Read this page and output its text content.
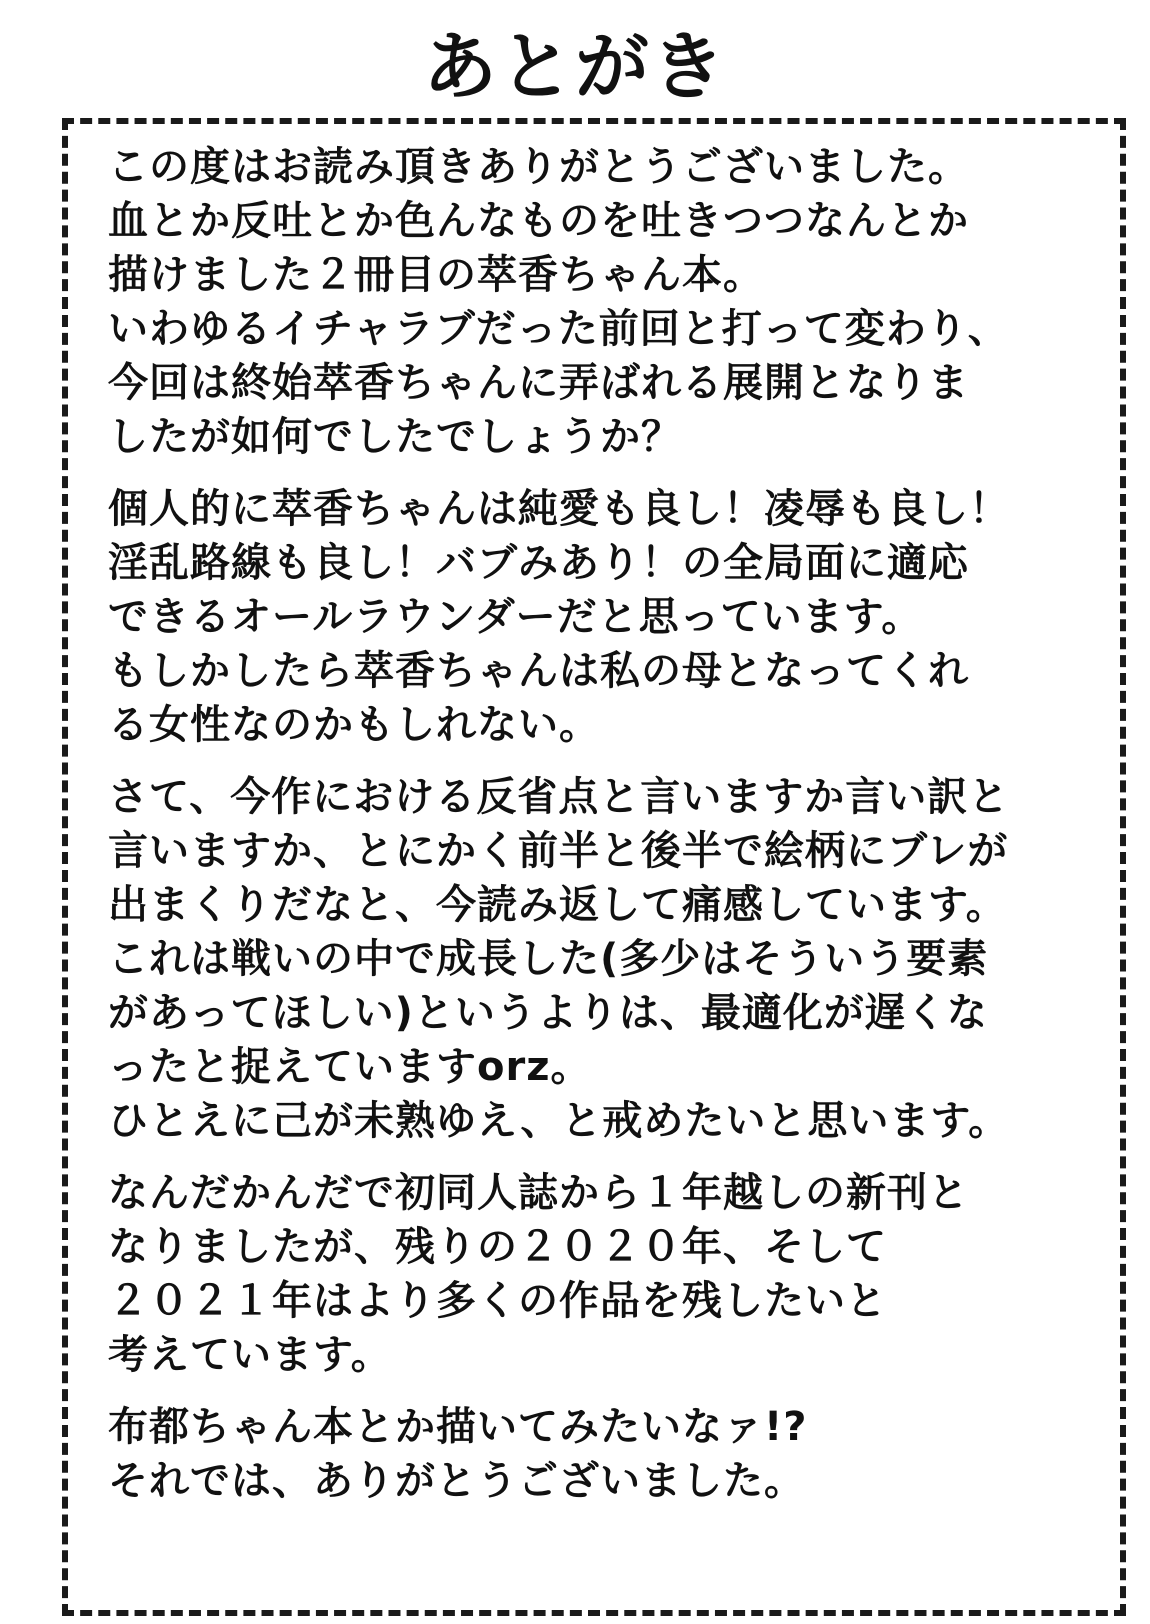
あとがき

この度はお読み頂きありがとうございました。
血とか反吐とか色んなものを吐きつつなんとか
描けました２冊目の萃香ちゃん本。
いわゆるイチャラブだった前回と打って変わり、
今回は終始萃香ちゃんに弄ばれる展開となりま
したが如何でしたでしょうか？

個人的に萃香ちゃんは純愛も良し！凌辱も良し！
淫乱路線も良し！バブみあり！の全局面に適応
できるオールラウンダーだと思っています。
もしかしたら萃香ちゃんは私の母となってくれ
る女性なのかもしれない。

さて、今作における反省点と言いますか言い訳と
言いますか、とにかく前半と後半で絵柄にブレが
出まくりだなと、今読み返して痛感しています。
これは戦いの中で成長した(多少はそういう要素
があってほしい)というよりは、最適化が遅くな
ったと捉えていますorz。
ひとえに己が未熟ゆえ、と戒めたいと思います。

なんだかんだで初同人誌から１年越しの新刊と
なりましたが、残りの２０２０年、そして
２０２１年はより多くの作品を残したいと
考えています。

布都ちゃん本とか描いてみたいなァ!?
それでは、ありがとうございました。
